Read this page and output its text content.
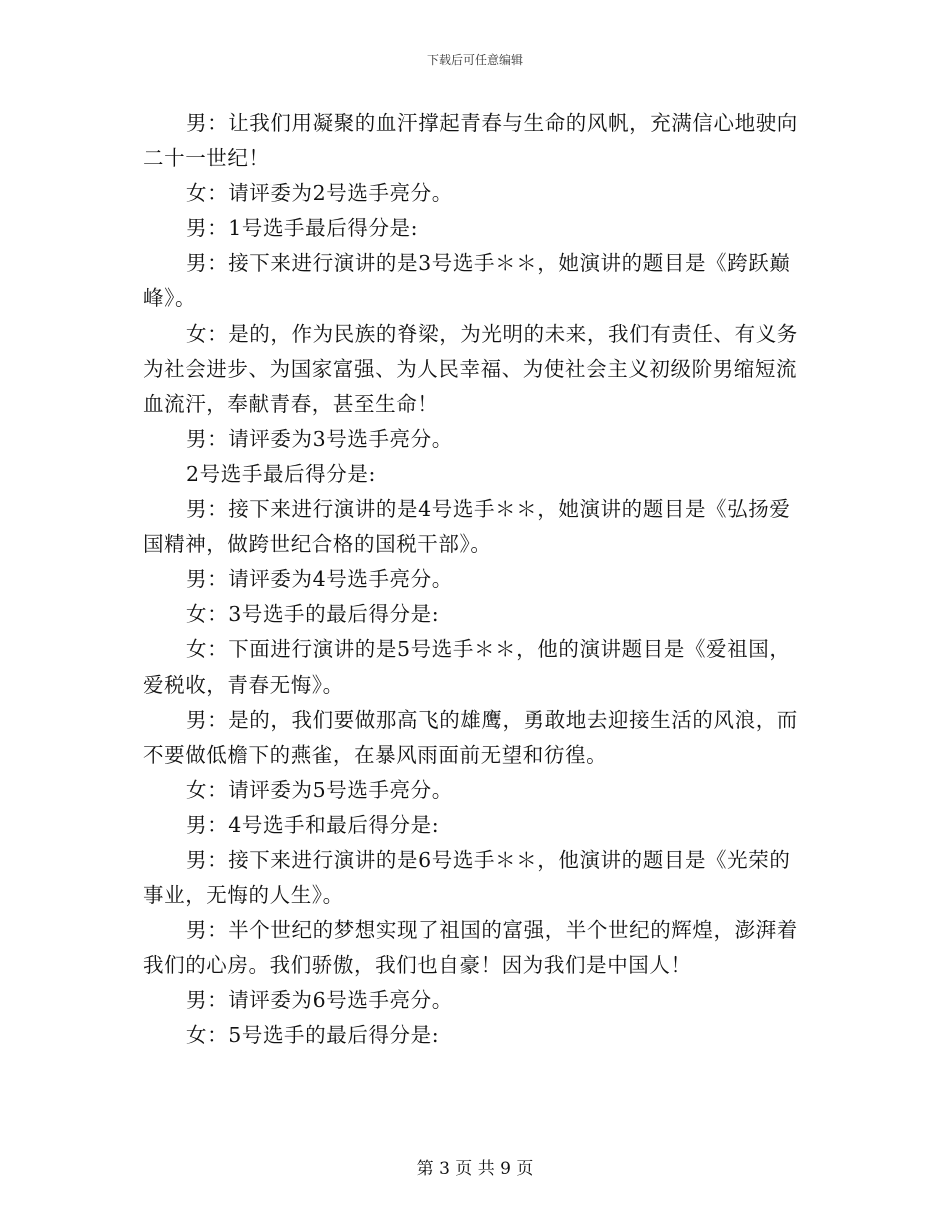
下载后可任意编辑

男：让我们用凝聚的血汗撑起青春与生命的风帆，充满信心地驶向二十一世纪！

女：请评委为2号选手亮分。

男：1号选手最后得分是:

男：接下来进行演讲的是3号选手＊＊，她演讲的题目是《跨跃巅峰》。

女：是的，作为民族的脊梁，为光明的未来，我们有责任、有义务为社会进步、为国家富强、为人民幸福、为使社会主义初级阶男缩短流血流汗，奉献青春，甚至生命！

男：请评委为3号选手亮分。

2号选手最后得分是:

男：接下来进行演讲的是4号选手＊＊，她演讲的题目是《弘扬爱国精神，做跨世纪合格的国税干部》。

男：请评委为4号选手亮分。

女：3号选手的最后得分是:

女：下面进行演讲的是5号选手＊＊，他的演讲题目是《爱祖国，爱税收，青春无悔》。

男：是的，我们要做那高飞的雄鹰，勇敢地去迎接生活的风浪，而不要做低檐下的燕雀，在暴风雨面前无望和彷徨。

女：请评委为5号选手亮分。

男：4号选手和最后得分是:

男：接下来进行演讲的是6号选手＊＊，他演讲的题目是《光荣的事业，无悔的人生》。

男：半个世纪的梦想实现了祖国的富强，半个世纪的辉煌，澎湃着我们的心房。我们骄傲，我们也自豪！因为我们是中国人！

男：请评委为6号选手亮分。

女：5号选手的最后得分是:

第 3 页 共 9 页
